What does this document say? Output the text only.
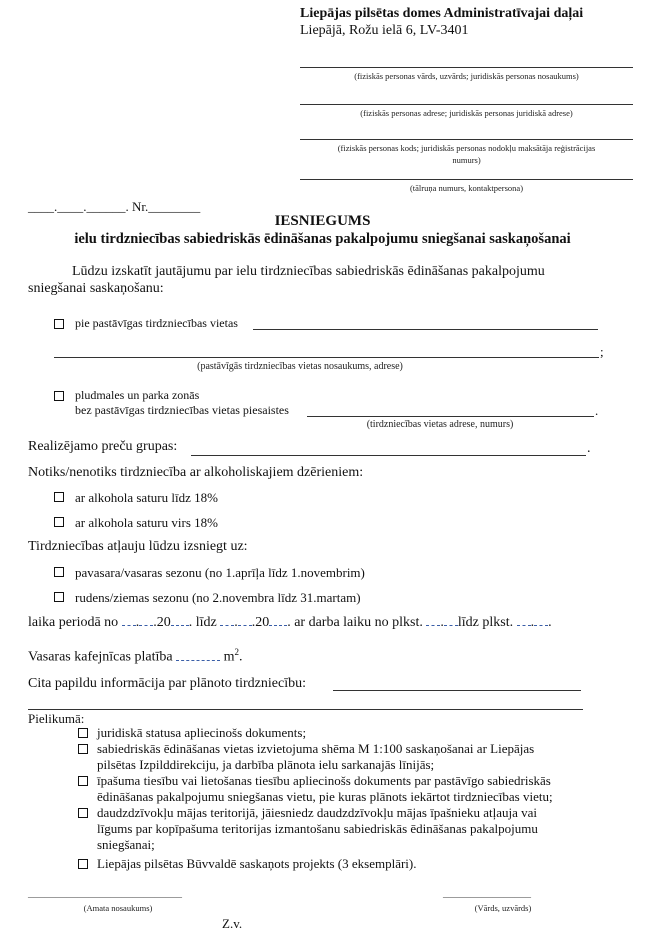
Liepājas pilsētas domes Administratīvajai daļai
Liepājā, Rožu ielā 6, LV-3401
(fiziskās personas vārds, uzvārds; juridiskās personas nosaukums)
(fiziskās personas adrese; juridiskās personas juridiskā adrese)
(fiziskās personas kods; juridiskās personas nodokļu maksātāja reģistrācijas
numurs)
(tālruņa numurs, kontaktpersona)
____.____.______. Nr.________
IESNIEGUMS
ielu tirdzniecības sabiedriskās ēdināšanas pakalpojumu sniegšanai saskaņošanai
Lūdzu izskatīt jautājumu par ielu tirdzniecības sabiedriskās ēdināšanas pakalpojumu
sniegšanai saskaņošanu:
pie pastāvīgas tirdzniecības vietas
;
(pastāvīgās tirdzniecības vietas nosaukums, adrese)
pludmales un parka zonās
bez pastāvīgas tirdzniecības vietas piesaistes	.
(tirdzniecības vietas adrese, numurs)
Realizējamo preču grupas:	.
Notiks/nenotiks tirdzniecība ar alkoholiskajiem dzērieniem:
ar alkohola saturu līdz 18%
ar alkohola saturu virs 18%
Tirdzniecības atļauju lūdzu izsniegt uz:
pavasara/vasaras sezonu (no 1.aprīļa līdz 1.novembrim)
rudens/ziemas sezonu (no 2.novembra līdz 31.martam)
laika periodā no . .20 . līdz . .20 . ar darba laiku no plkst. . līdz plkst. . .
Vasaras kafejnīcas platība	$m^2$.
Cita papildu informācija par plānoto tirdzniecību:
Pielikumā:
juridiskā statusa apliecinošs dokuments;
sabiedriskās ēdināšanas vietas izvietojuma shēma M 1:100 saskaņošanai ar Liepājas
pilsētas Izpilddirekciju, ja darbība plānota ielu sarkanajās līnijās;
īpašuma tiesību vai lietošanas tiesību apliecinošs dokuments par pastāvīgo sabiedriskās
ēdināšanas pakalpojumu sniegšanas vietu, pie kuras plānots iekārtot tirdzniecības vietu;
daudzdzīvokļu mājas teritorijā, jāiesniedz daudzdzīvokļu mājas īpašnieku atļauja vai
līgums par kopīpašuma teritorijas izmantošanu sabiedriskās ēdināšanas pakalpojumu
sniegšanai;
Liepājas pilsētas Būvvaldē saskaņots projekts (3 eksemplāri).
____________________________
(Amata nosaukums)
________________
(Vārds, uzvārds)
Z.v.
